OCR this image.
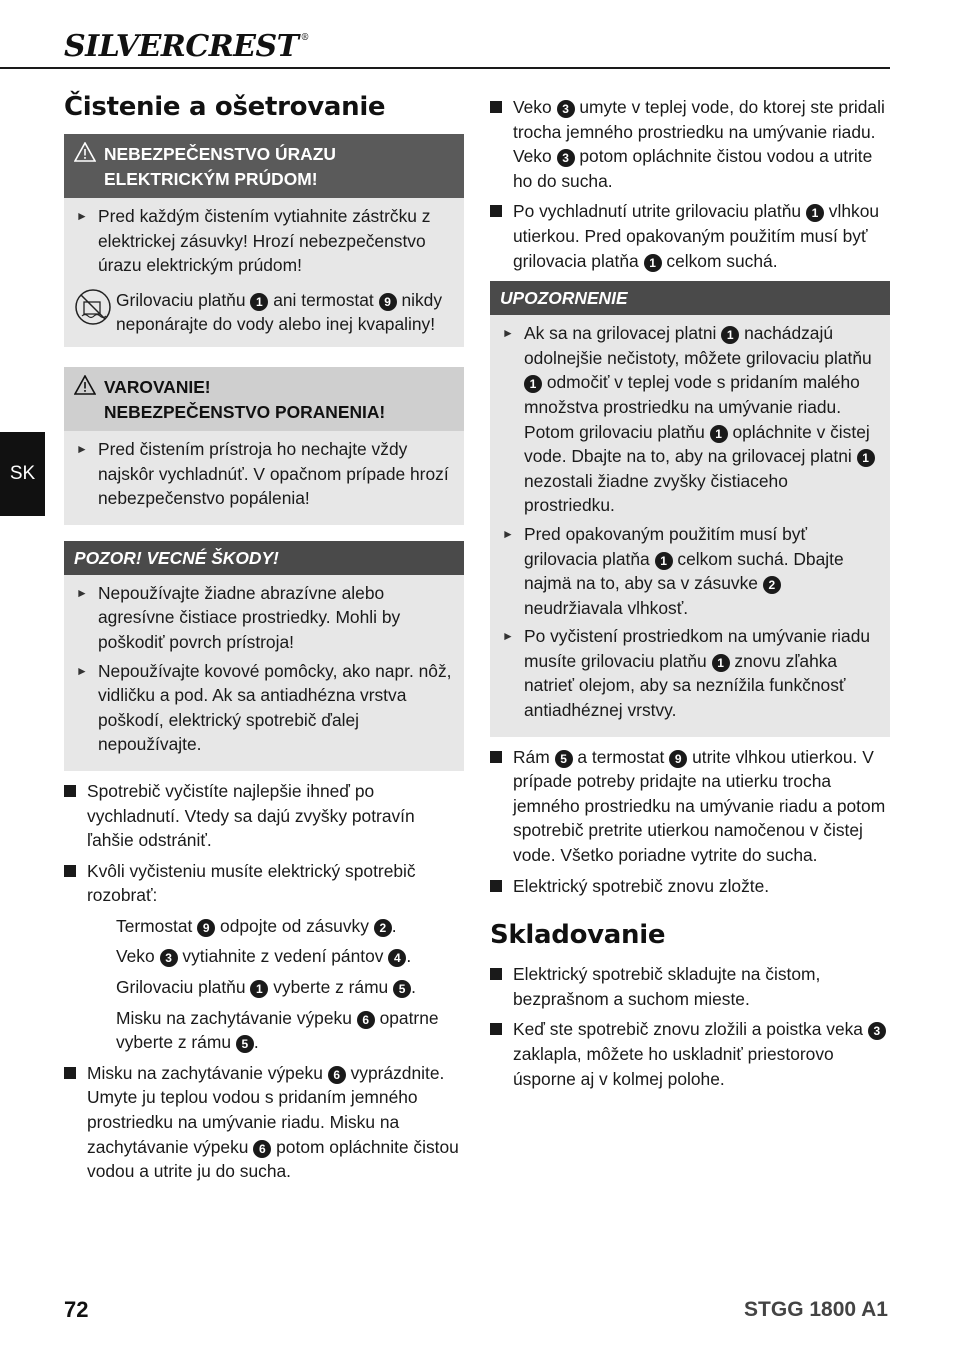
SILVERCREST ®
SK
Čistenie a ošetrovanie
NEBEZPEČENSTVO ÚRAZU ELEKTRICKÝM PRÚDOM!
► Pred každým čistením vytiahnite zástrčku z elektrickej zásuvky! Hrozí nebezpečenstvo úrazu elektrickým prúdom!
Grilovaciu platňu 1 ani termostat 9 nikdy neponárajte do vody alebo inej kvapaliny!
VAROVANIE!
NEBEZPEČENSTVO PORANENIA!
► Pred čistením prístroja ho nechajte vždy najskôr vychladnúť. V opačnom prípade hrozí nebezpečenstvo popálenia!
POZOR! VECNÉ ŠKODY!
► Nepoužívajte žiadne abrazívne alebo agresívne čistiace prostriedky. Mohli by poškodiť povrch prístroja!
► Nepoužívajte kovové pomôcky, ako napr. nôž, vidličku a pod. Ak sa antiadhézna vrstva poškodí, elektrický spotrebič ďalej nepoužívajte.
Spotrebič vyčistíte najlepšie ihneď po vychladnutí. Vtedy sa dajú zvyšky potravín ľahšie odstrániť.
Kvôli vyčisteniu musíte elektrický spotrebič rozobrať:
Termostat 9 odpojte od zásuvky 2 .
Veko 3 vytiahnite z vedení pántov 4 .
Grilovaciu platňu 1 vyberte z rámu 5 .
Misku na zachytávanie výpeku 6 opatrne vyberte z rámu 5 .
Misku na zachytávanie výpeku 6 vyprázdnite. Umyte ju teplou vodou s pridaním jemného prostriedku na umývanie riadu. Misku na zachytávanie výpeku 6 potom opláchnite čistou vodou a utrite ju do sucha.
Veko 3 umyte v teplej vode, do ktorej ste pridali trocha jemného prostriedku na umývanie riadu. Veko 3 potom opláchnite čistou vodou a utrite ho do sucha.
Po vychladnutí utrite grilovaciu platňu 1 vlhkou utierkou. Pred opakovaným použitím musí byť grilovacia platňa 1 celkom suchá.
UPOZORNENIE
► Ak sa na grilovacej platni 1 nachádzajú odolnejšie nečistoty, môžete grilovaciu platňu 1 odmočiť v teplej vode s pridaním malého množstva prostriedku na umývanie riadu. Potom grilovaciu platňu 1 opláchnite v čistej vode. Dbajte na to, aby na grilovacej platni 1 nezostali žiadne zvyšky čistiaceho prostriedku.
► Pred opakovaným použitím musí byť grilovacia platňa 1 celkom suchá. Dbajte najmä na to, aby sa v zásuvke 2 neudržiavala vlhkosť.
► Po vyčistení prostriedkom na umývanie riadu musíte grilovaciu platňu 1 znovu zľahka natrieť olejom, aby sa neznížila funkčnosť antiadhéznej vrstvy.
Rám 5 a termostat 9 utrite vlhkou utierkou. V prípade potreby pridajte na utierku trocha jemného prostriedku na umývanie riadu a potom spotrebič pretrite utierkou namočenou v čistej vode. Všetko poriadne vytrite do sucha.
Elektrický spotrebič znovu zložte.
Skladovanie
Elektrický spotrebič skladujte na čistom, bezprašnom a suchom mieste.
Keď ste spotrebič znovu zložili a poistka veka 3 zaklapla, môžete ho uskladniť priestorovo úsporne aj v kolmej polohe.
72	STGG 1800 A1
